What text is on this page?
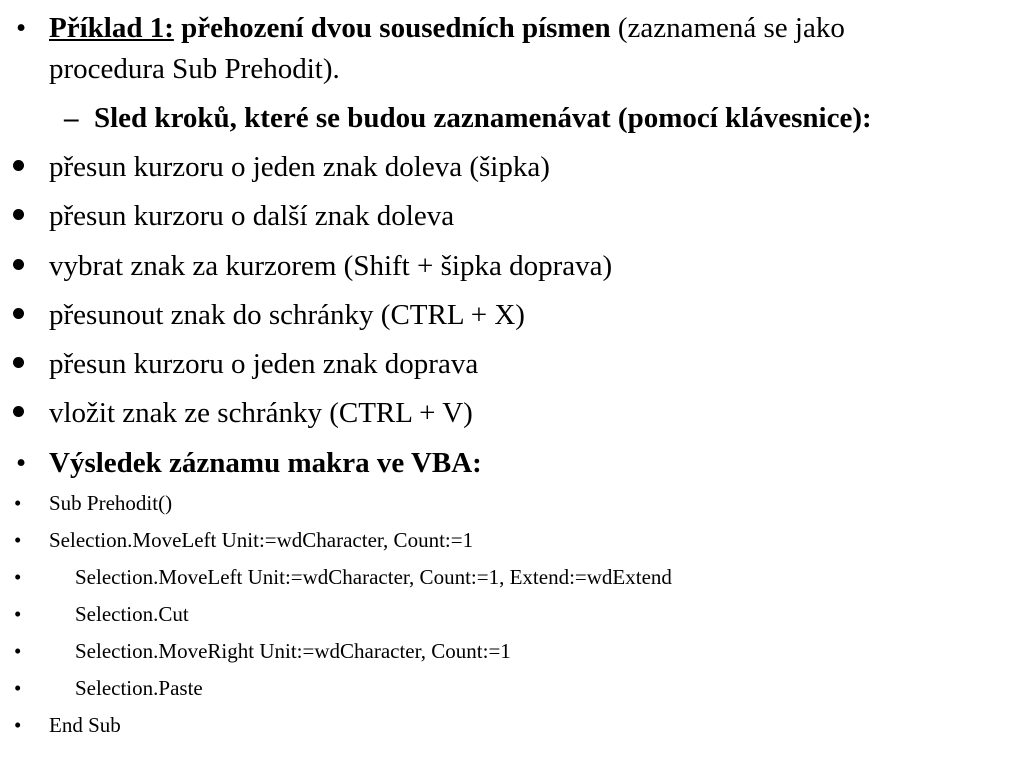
• Příklad 1: přehození dvou sousedních písmen (zaznamená se jako
procedura Sub Prehodit).
– Sled kroků, které se budou zaznamenávat (pomocí klávesnice):
přesun kurzoru o jeden znak doleva (šipka)
přesun kurzoru o další znak doleva
vybrat znak za kurzorem (Shift + šipka doprava)
přesunout znak do schránky (CTRL + X)
přesun kurzoru o jeden znak doprava
vložit znak ze schránky (CTRL + V)
• Výsledek záznamu makra ve VBA:
• Sub Prehodit()
• Selection.MoveLeft Unit:=wdCharacter, Count:=1
•	Selection.MoveLeft Unit:=wdCharacter, Count:=1, Extend:=wdExtend
•	Selection.Cut
•	Selection.MoveRight Unit:=wdCharacter, Count:=1
•	Selection.Paste
• End Sub
